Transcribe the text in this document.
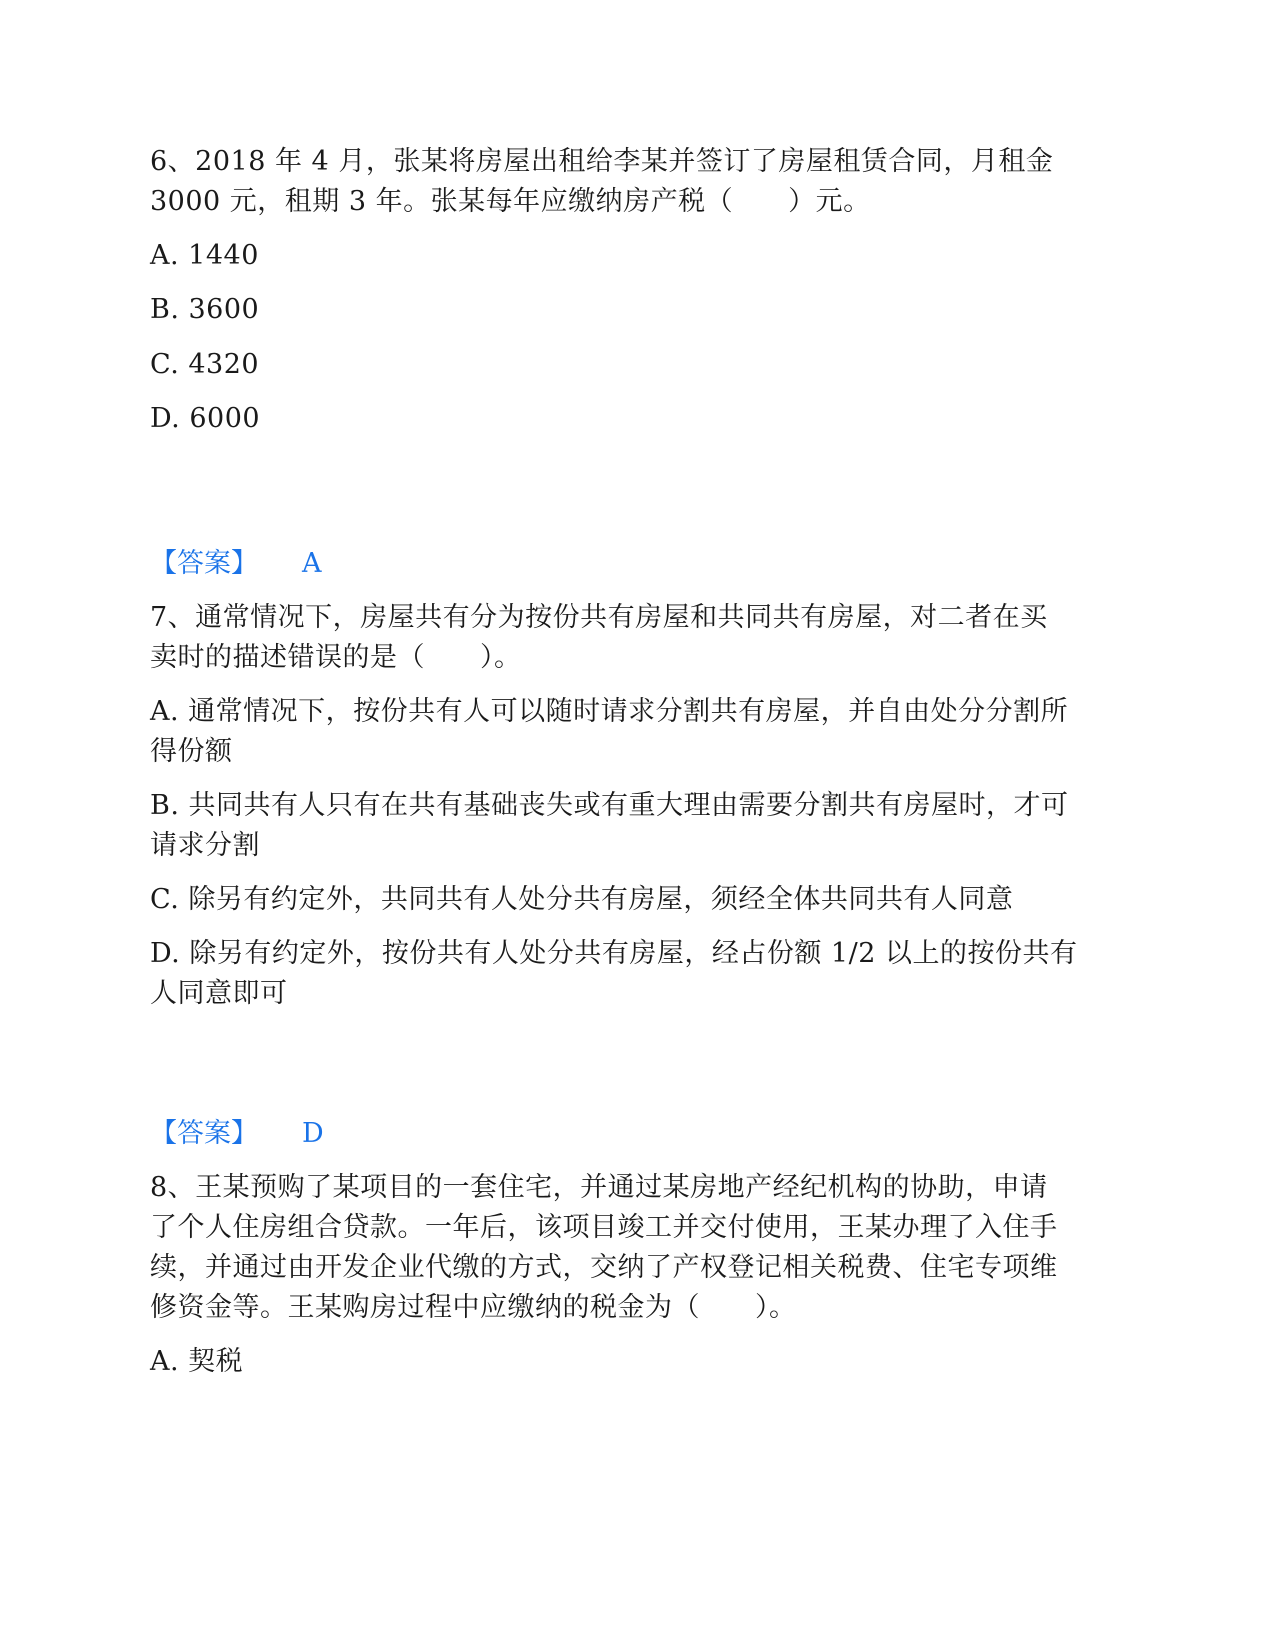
6、2018 年 4 月，张某将房屋出租给李某并签订了房屋租赁合同，月租金
3000 元，租期 3 年。张某每年应缴纳房产税（　　）元。
A. 1440
B. 3600
C. 4320
D. 6000
【答案】 A
7、通常情况下，房屋共有分为按份共有房屋和共同共有房屋，对二者在买
卖时的描述错误的是（　　）。
A. 通常情况下，按份共有人可以随时请求分割共有房屋，并自由处分分割所
得份额
B. 共同共有人只有在共有基础丧失或有重大理由需要分割共有房屋时，才可
请求分割
C. 除另有约定外，共同共有人处分共有房屋，须经全体共同共有人同意
D. 除另有约定外，按份共有人处分共有房屋，经占份额 1/2 以上的按份共有
人同意即可
【答案】 D
8、王某预购了某项目的一套住宅，并通过某房地产经纪机构的协助，申请
了个人住房组合贷款。一年后，该项目竣工并交付使用，王某办理了入住手
续，并通过由开发企业代缴的方式，交纳了产权登记相关税费、住宅专项维
修资金等。王某购房过程中应缴纳的税金为（　　）。
A. 契税
